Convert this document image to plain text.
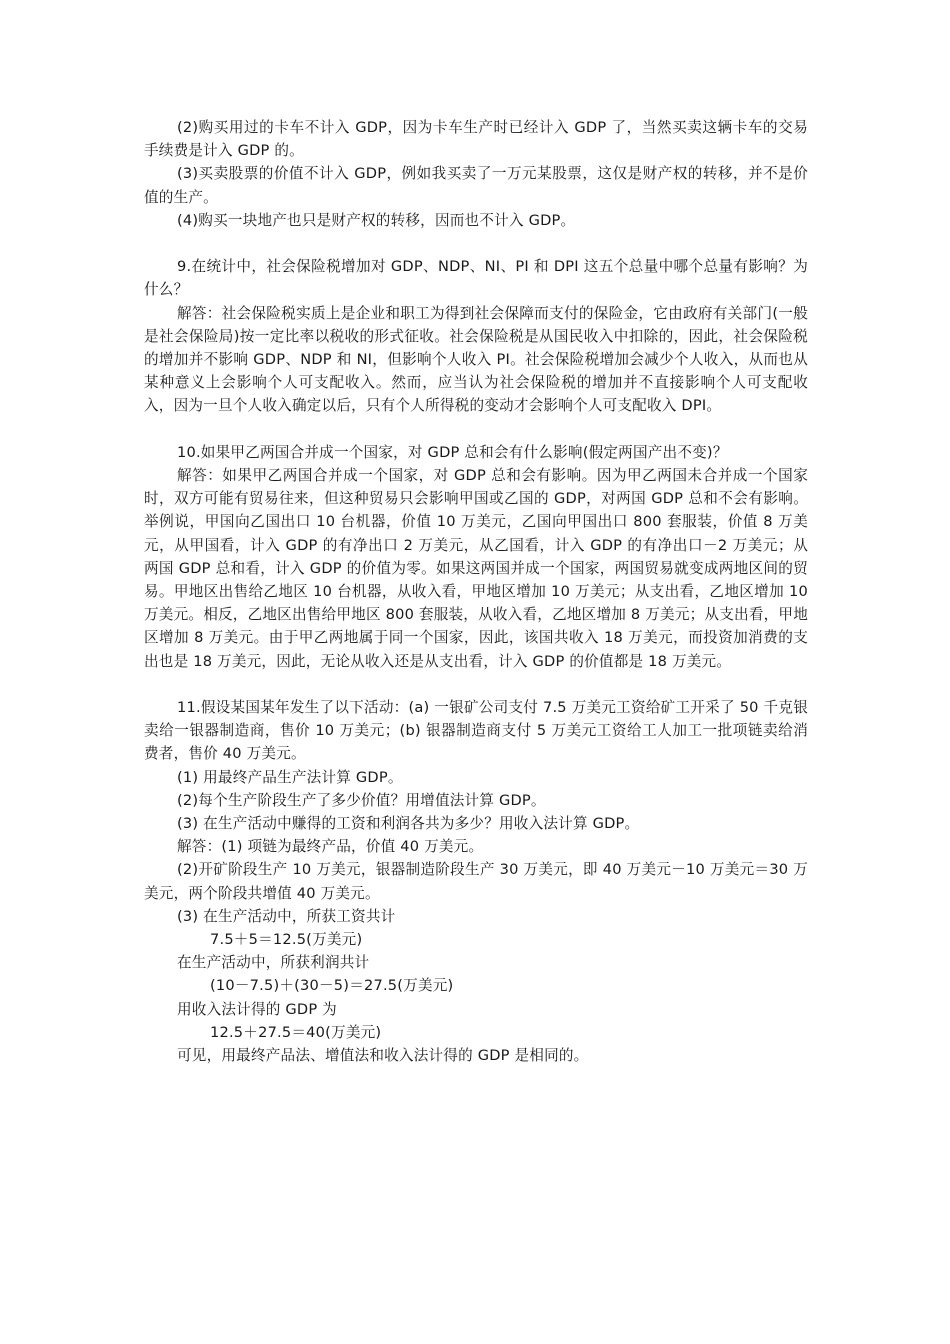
(2)购买用过的卡车不计入 GDP，因为卡车生产时已经计入 GDP 了，当然买卖这辆卡车的交易手续费是计入 GDP 的。

(3)买卖股票的价值不计入 GDP，例如我买卖了一万元某股票，这仅是财产权的转移，并不是价值的生产。

(4)购买一块地产也只是财产权的转移，因而也不计入 GDP。

9.在统计中，社会保险税增加对 GDP、NDP、NI、PI 和 DPI 这五个总量中哪个总量有影响？为什么？

解答：社会保险税实质上是企业和职工为得到社会保障而支付的保险金，它由政府有关部门(一般是社会保险局)按一定比率以税收的形式征收。社会保险税是从国民收入中扣除的，因此，社会保险税的增加并不影响 GDP、NDP 和 NI，但影响个人收入 PI。社会保险税增加会减少个人收入，从而也从某种意义上会影响个人可支配收入。然而，应当认为社会保险税的增加并不直接影响个人可支配收入，因为一旦个人收入确定以后，只有个人所得税的变动才会影响个人可支配收入 DPI。

10.如果甲乙两国合并成一个国家，对 GDP 总和会有什么影响(假定两国产出不变)？

解答：如果甲乙两国合并成一个国家，对 GDP 总和会有影响。因为甲乙两国未合并成一个国家时，双方可能有贸易往来，但这种贸易只会影响甲国或乙国的 GDP，对两国 GDP 总和不会有影响。举例说，甲国向乙国出口 10 台机器，价值 10 万美元，乙国向甲国出口 800 套服装，价值 8 万美元，从甲国看，计入 GDP 的有净出口 2 万美元，从乙国看，计入 GDP 的有净出口－2 万美元；从两国 GDP 总和看，计入 GDP 的价值为零。如果这两国并成一个国家，两国贸易就变成两地区间的贸易。甲地区出售给乙地区 10 台机器，从收入看，甲地区增加 10 万美元；从支出看，乙地区增加 10 万美元。相反，乙地区出售给甲地区 800 套服装，从收入看，乙地区增加 8 万美元；从支出看，甲地区增加 8 万美元。由于甲乙两地属于同一个国家，因此，该国共收入 18 万美元，而投资加消费的支出也是 18 万美元，因此，无论从收入还是从支出看，计入 GDP 的价值都是 18 万美元。

11.假设某国某年发生了以下活动：(a) 一银矿公司支付 7.5 万美元工资给矿工开采了 50 千克银卖给一银器制造商，售价 10 万美元；(b) 银器制造商支付 5 万美元工资给工人加工一批项链卖给消费者，售价 40 万美元。

(1) 用最终产品生产法计算 GDP。

(2)每个生产阶段生产了多少价值？用增值法计算 GDP。

(3) 在生产活动中赚得的工资和利润各共为多少？用收入法计算 GDP。

解答：(1) 项链为最终产品，价值 40 万美元。

(2)开矿阶段生产 10 万美元，银器制造阶段生产 30 万美元，即 40 万美元－10 万美元＝30 万美元，两个阶段共增值 40 万美元。

(3) 在生产活动中，所获工资共计

7.5＋5＝12.5(万美元)

在生产活动中，所获利润共计

(10－7.5)＋(30－5)＝27.5(万美元)

用收入法计得的 GDP 为

12.5＋27.5＝40(万美元)

可见，用最终产品法、增值法和收入法计得的 GDP 是相同的。
